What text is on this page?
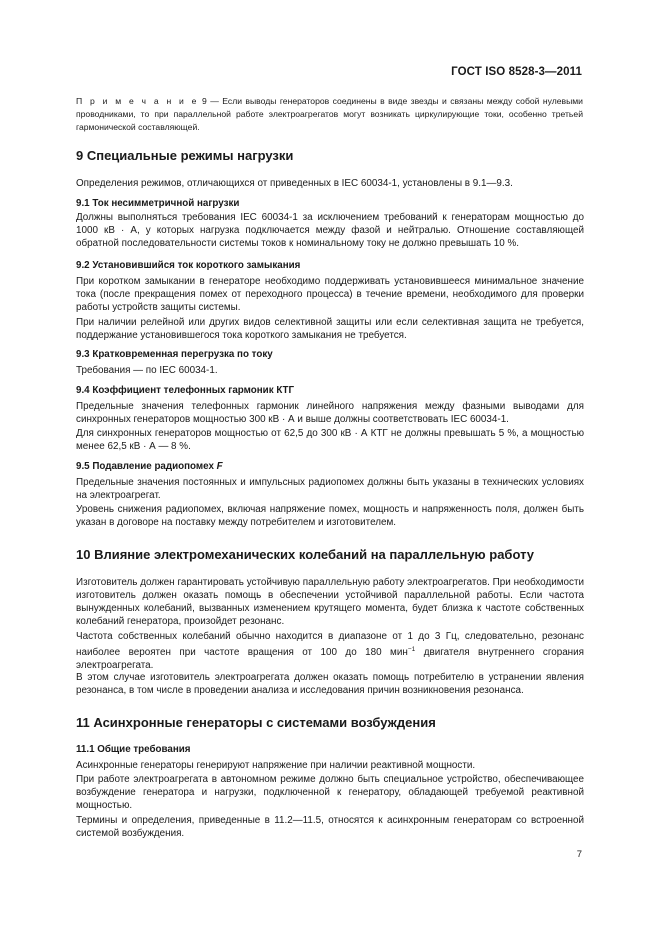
ГОСТ ISO 8528-3—2011
П р и м е ч а н и е 9 — Если выводы генераторов соединены в виде звезды и связаны между собой нулевыми проводниками, то при параллельной работе электроагрегатов могут возникать циркулирующие токи, особенно третьей гармонической составляющей.
9 Специальные режимы нагрузки

Определения режимов, отличающихся от приведенных в IEC 60034-1, установлены в 9.1—9.3.

9.1 Ток несимметричной нагрузки

Должны выполняться требования IEC 60034-1 за исключением требований к генераторам мощностью до 1000 кВ · А, у которых нагрузка подключается между фазой и нейтралью. Отношение составляющей обратной последовательности системы токов к номинальному току не должно превышать 10 %.

9.2 Установившийся ток короткого замыкания

При коротком замыкании в генераторе необходимо поддерживать установившееся минимальное значение тока (после прекращения помех от переходного процесса) в течение времени, необходимого для проверки работы устройств защиты системы.

При наличии релейной или других видов селективной защиты или если селективная защита не требуется, поддержание установившегося тока короткого замыкания не требуется.

9.3 Кратковременная перегрузка по току

Требования — по IEC 60034-1.

9.4 Коэффициент телефонных гармоник КТГ

Предельные значения телефонных гармоник линейного напряжения между фазными выводами для синхронных генераторов мощностью 300 кВ · А и выше должны соответствовать IEC 60034-1.

Для синхронных генераторов мощностью от 62,5 до 300 кВ · А КТГ не должны превышать 5 %, а мощностью менее 62,5 кВ · А — 8 %.

9.5 Подавление радиопомех F

Предельные значения постоянных и импульсных радиопомех должны быть указаны в технических условиях на электроагрегат.

Уровень снижения радиопомех, включая напряжение помех, мощность и напряженность поля, должен быть указан в договоре на поставку между потребителем и изготовителем.

10 Влияние электромеханических колебаний на параллельную работу

Изготовитель должен гарантировать устойчивую параллельную работу электроагрегатов. При необходимости изготовитель должен оказать помощь в обеспечении устойчивой параллельной работы. Если частота вынужденных колебаний, вызванных изменением крутящего момента, будет близка к частоте собственных колебаний генератора, произойдет резонанс.

Частота собственных колебаний обычно находится в диапазоне от 1 до 3 Гц, следовательно, резонанс наиболее вероятен при частоте вращения от 100 до 180 мин$^{-1}$ двигателя внутреннего сгорания электроагрегата.

В этом случае изготовитель электроагрегата должен оказать помощь потребителю в устранении явления резонанса, в том числе в проведении анализа и исследования причин возникновения резонанса.

11 Асинхронные генераторы с системами возбуждения
11.1 Общие требования

Асинхронные генераторы генерируют напряжение при наличии реактивной мощности.

При работе электроагрегата в автономном режиме должно быть специальное устройство, обеспечивающее возбуждение генератора и нагрузки, подключенной к генератору, обладающей требуемой реактивной мощностью.

Термины и определения, приведенные в 11.2—11.5, относятся к асинхронным генераторам со встроенной системой возбуждения.

7
